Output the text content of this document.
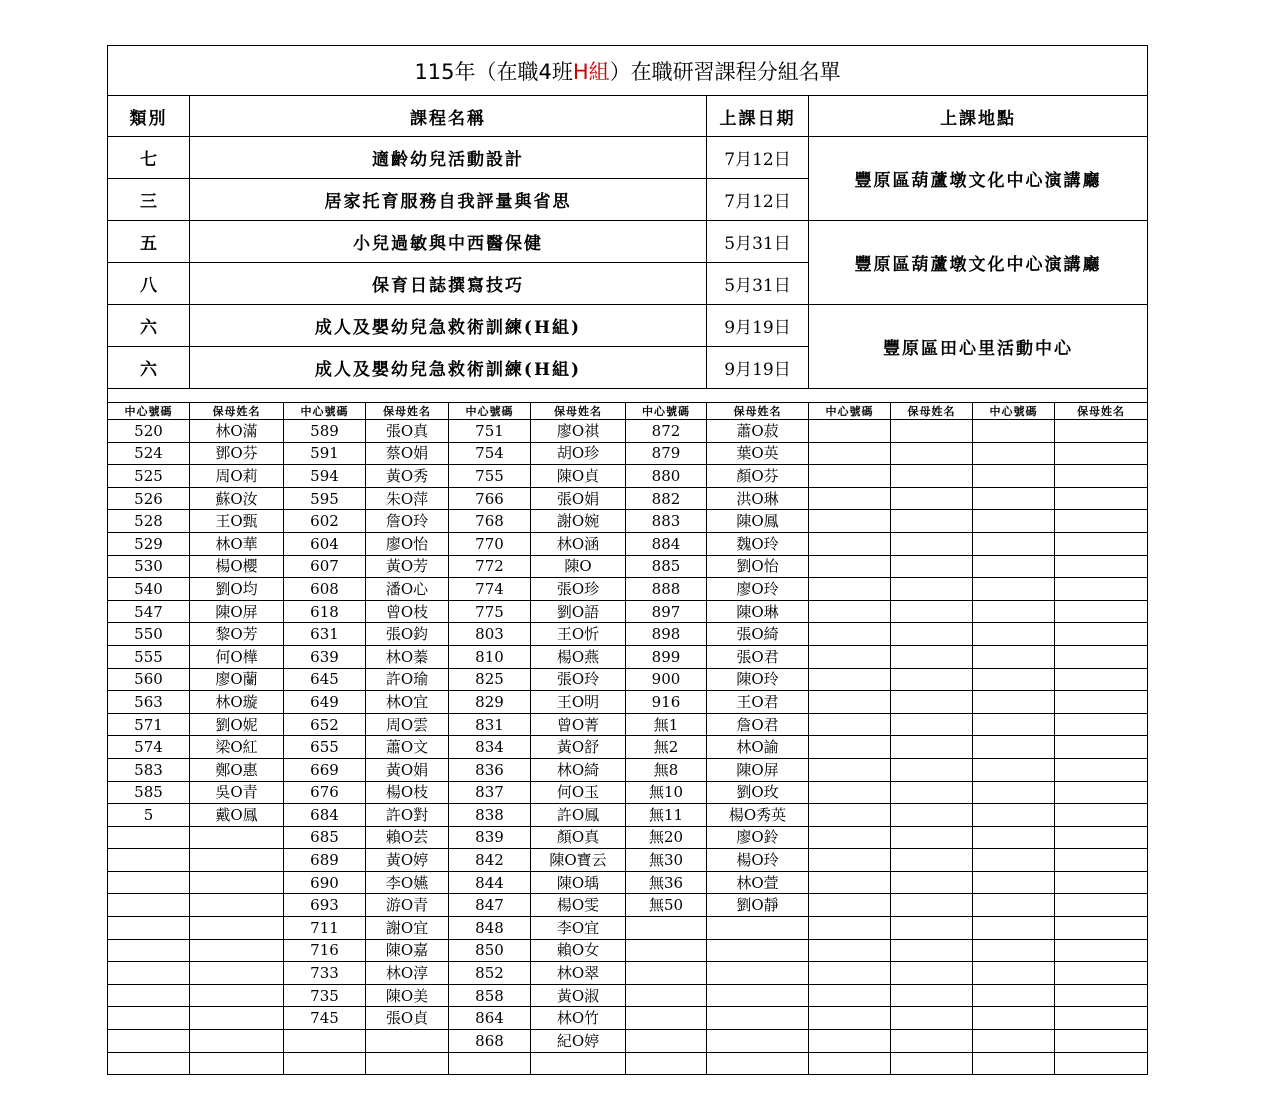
115年（在職4班H組）在職研習課程分組名單											
類別	課程名稱						上課日期	上課地點			
七	適齡幼兒活動設計						7月12日	豐原區葫蘆墩文化中心演講廳			
三	居家托育服務自我評量與省思						7月12日				
五	小兒過敏與中西醫保健						5月31日	豐原區葫蘆墩文化中心演講廳			
八	保育日誌撰寫技巧						5月31日				
六	成人及嬰幼兒急救術訓練(H組)						9月19日	豐原區田心里活動中心			
六	成人及嬰幼兒急救術訓練(H組)						9月19日				

中心號碼	保母姓名	中心號碼	保母姓名	中心號碼	保母姓名	中心號碼	保母姓名	中心號碼	保母姓名	中心號碼	保母姓名
520	林O滿	589	張O真	751	廖O祺	872	蕭O菽				
524	鄧O芬	591	蔡O娟	754	胡O珍	879	葉O英				
525	周O莉	594	黃O秀	755	陳O貞	880	顏O芬				
526	蘇O汝	595	朱O萍	766	張O娟	882	洪O琳				
528	王O甄	602	詹O玲	768	謝O婉	883	陳O鳳				
529	林O華	604	廖O怡	770	林O涵	884	魏O玲				
530	楊O櫻	607	黃O芳	772	陳O	885	劉O怡				
540	劉O均	608	潘O心	774	張O珍	888	廖O玲				
547	陳O屏	618	曾O枝	775	劉O語	897	陳O琳				
550	黎O芳	631	張O鈞	803	王O忻	898	張O綺				
555	何O樺	639	林O蓁	810	楊O燕	899	張O君				
560	廖O蘭	645	許O瑜	825	張O玲	900	陳O玲				
563	林O璇	649	林O宜	829	王O明	916	王O君				
571	劉O妮	652	周O雲	831	曾O菁	無1	詹O君				
574	梁O紅	655	蕭O文	834	黃O舒	無2	林O諭				
583	鄭O惠	669	黃O娟	836	林O綺	無8	陳O屏				
585	吳O青	676	楊O枝	837	何O玉	無10	劉O玫				
5	戴O鳳	684	許O對	838	許O鳳	無11	楊O秀英				
		685	賴O芸	839	顏O真	無20	廖O鈴				
		689	黃O婷	842	陳O寶云	無30	楊O玲				
		690	李O嬿	844	陳O瑀	無36	林O萱				
		693	游O青	847	楊O雯	無50	劉O靜				
		711	謝O宜	848	李O宜						
		716	陳O嘉	850	賴O女						
		733	林O淳	852	林O翠						
		735	陳O美	858	黃O淑						
		745	張O貞	864	林O竹						
				868	紀O婷						
